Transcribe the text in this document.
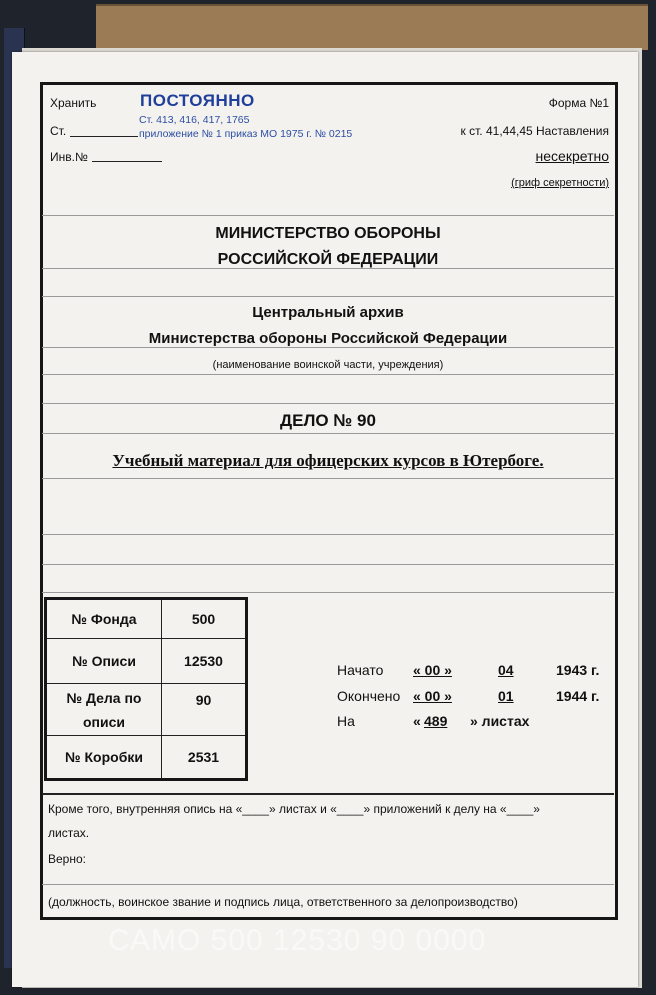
Хранить	ПОСТОЯННО
Ст. 413, 416, 417, 1765
приложение № 1 приказ МО 1975 г. № 0215
Ст.
Инв.№
Форма №1
к ст. 41,44,45 Наставления
несекретно
(гриф секретности)
МИНИСТЕРСТВО ОБОРОНЫ
РОССИЙСКОЙ ФЕДЕРАЦИИ
Центральный архив
Министерства обороны Российской Федерации
(наименование воинской части, учреждения)
ДЕЛО № 90
Учебный материал для офицерских курсов в Ютербоге.
№ Фонда	500
№ Описи	12530

№ Дела по
описи	90
№ Коробки	2531
Начато « 00 »	04	1943 г.
Окончено « 00 »	01	1944 г.
На	« 489 » листах
Кроме того, внутренняя опись на «____» листах и «____» приложений к делу на «____»
листах.
Верно:
(должность, воинское звание и подпись лица, ответственного за делопроизводство)
САМО 500 12530 90 0000
